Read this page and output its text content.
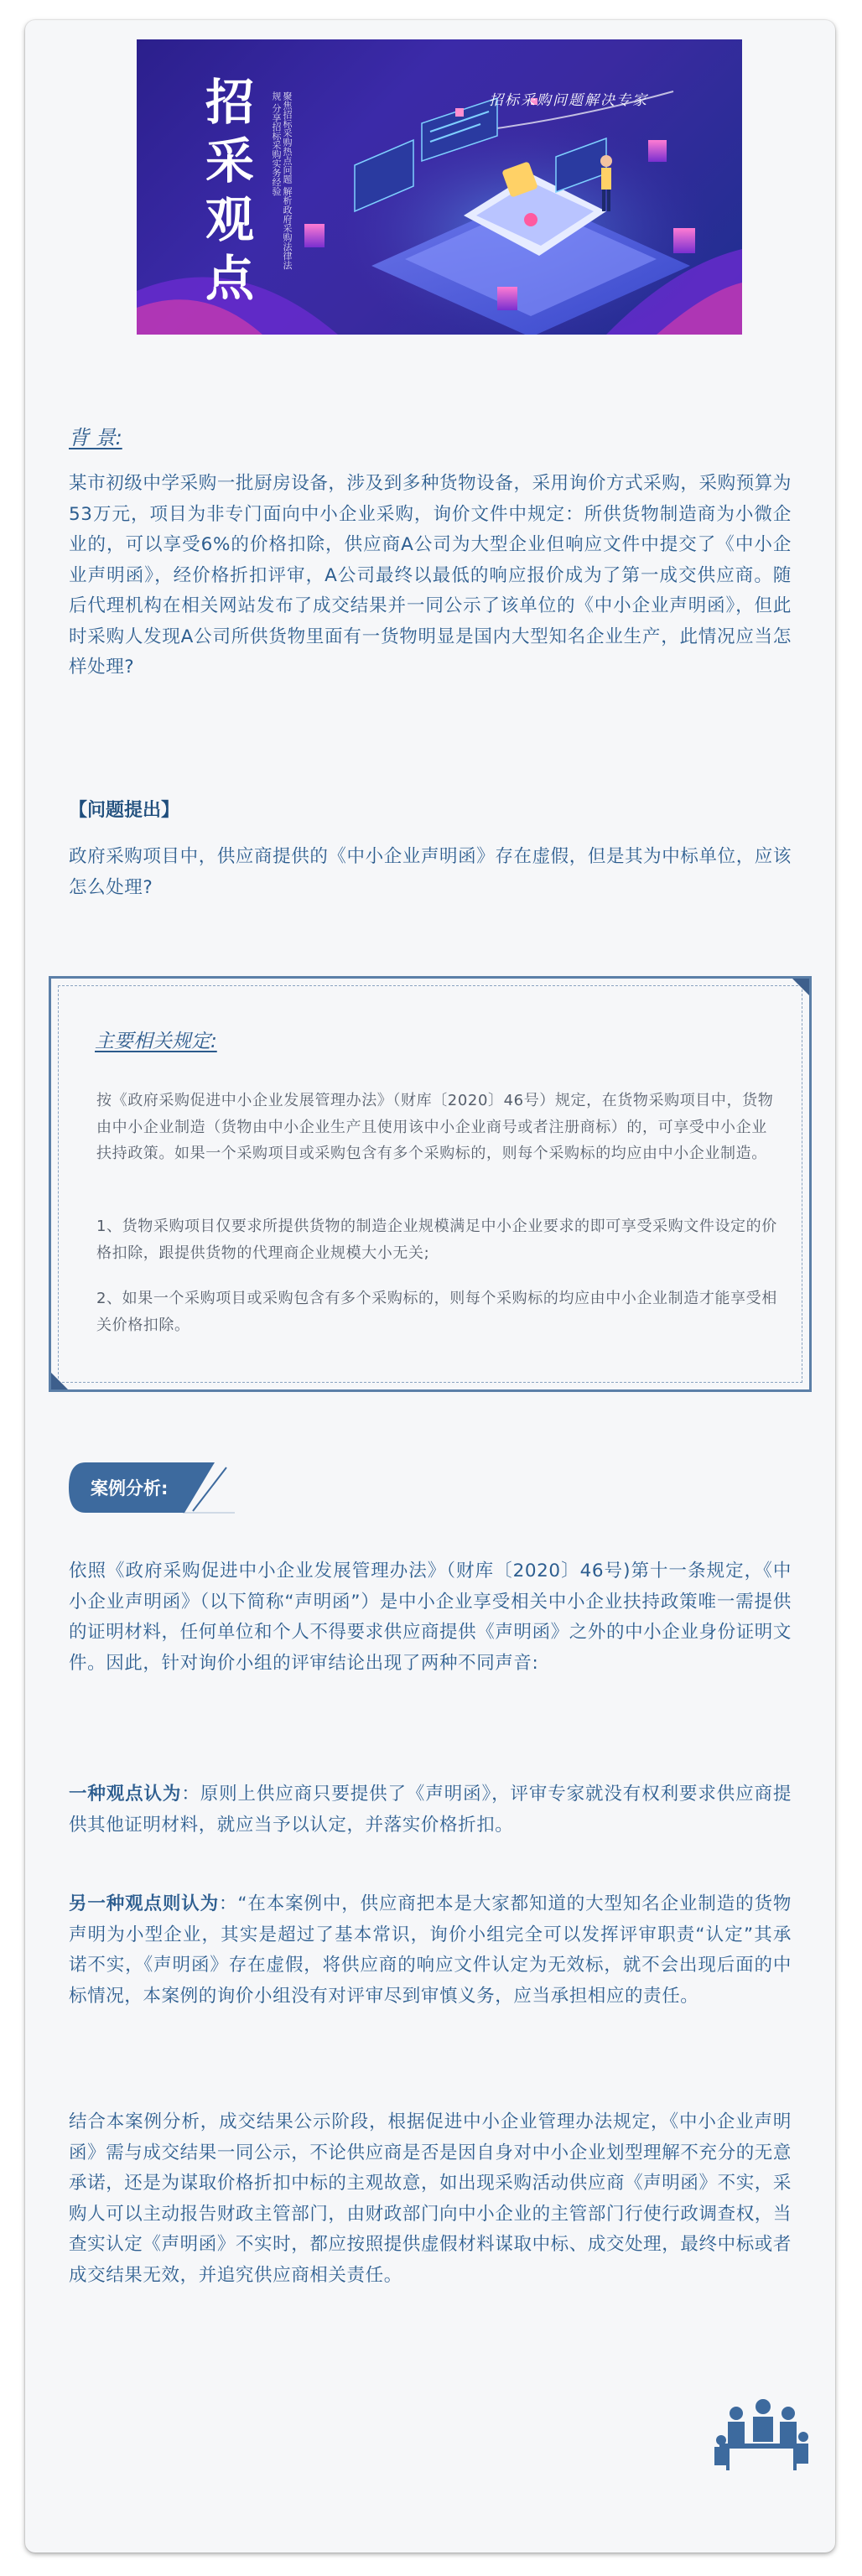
招
采
观
点
聚焦招标采购热点问题 解析政府采购法律法规 分享招标采购实务经验	招标采购问题解决专家
背 景:

某市初级中学采购一批厨房设备，涉及到多种货物设备，采用询价方式采购，采购预算为53万元，项目为非专门面向中小企业采购，询价文件中规定：所供货物制造商为小微企业的，可以享受6%的价格扣除，供应商A公司为大型企业但响应文件中提交了《中小企业声明函》，经价格折扣评审，A公司最终以最低的响应报价成为了第一成交供应商。随后代理机构在相关网站发布了成交结果并一同公示了该单位的《中小企业声明函》，但此时采购人发现A公司所供货物里面有一货物明显是国内大型知名企业生产，此情况应当怎样处理?

【问题提出】

政府采购项目中，供应商提供的《中小企业声明函》存在虚假，但是其为中标单位，应该怎么处理?

主要相关规定:

按《政府采购促进中小企业发展管理办法》（财库〔2020〕46号）规定，在货物采购项目中，货物由中小企业制造（货物由中小企业生产且使用该中小企业商号或者注册商标）的，可享受中小企业扶持政策。如果一个采购项目或采购包含有多个采购标的，则每个采购标的均应由中小企业制造。

1、货物采购项目仅要求所提供货物的制造企业规模满足中小企业要求的即可享受采购文件设定的价格扣除，跟提供货物的代理商企业规模大小无关;

2、如果一个采购项目或采购包含有多个采购标的，则每个采购标的均应由中小企业制造才能享受相关价格扣除。

案例分析:

依照《政府采购促进中小企业发展管理办法》（财库〔2020〕46号)第十一条规定，《中小企业声明函》（以下简称“声明函”）是中小企业享受相关中小企业扶持政策唯一需提供的证明材料，任何单位和个人不得要求供应商提供《声明函》之外的中小企业身份证明文件。因此，针对询价小组的评审结论出现了两种不同声音:

一种观点认为：原则上供应商只要提供了《声明函》，评审专家就没有权利要求供应商提供其他证明材料，就应当予以认定，并落实价格折扣。

另一种观点则认为：“在本案例中，供应商把本是大家都知道的大型知名企业制造的货物声明为小型企业，其实是超过了基本常识，询价小组完全可以发挥评审职责“认定”其承诺不实，《声明函》存在虚假，将供应商的响应文件认定为无效标，就不会出现后面的中标情况，本案例的询价小组没有对评审尽到审慎义务，应当承担相应的责任。

结合本案例分析，成交结果公示阶段，根据促进中小企业管理办法规定，《中小企业声明函》需与成交结果一同公示，不论供应商是否是因自身对中小企业划型理解不充分的无意承诺，还是为谋取价格折扣中标的主观故意，如出现采购活动供应商《声明函》不实，采购人可以主动报告财政主管部门，由财政部门向中小企业的主管部门行使行政调查权，当查实认定《声明函》不实时，都应按照提供虚假材料谋取中标、成交处理，最终中标或者成交结果无效，并追究供应商相关责任。
